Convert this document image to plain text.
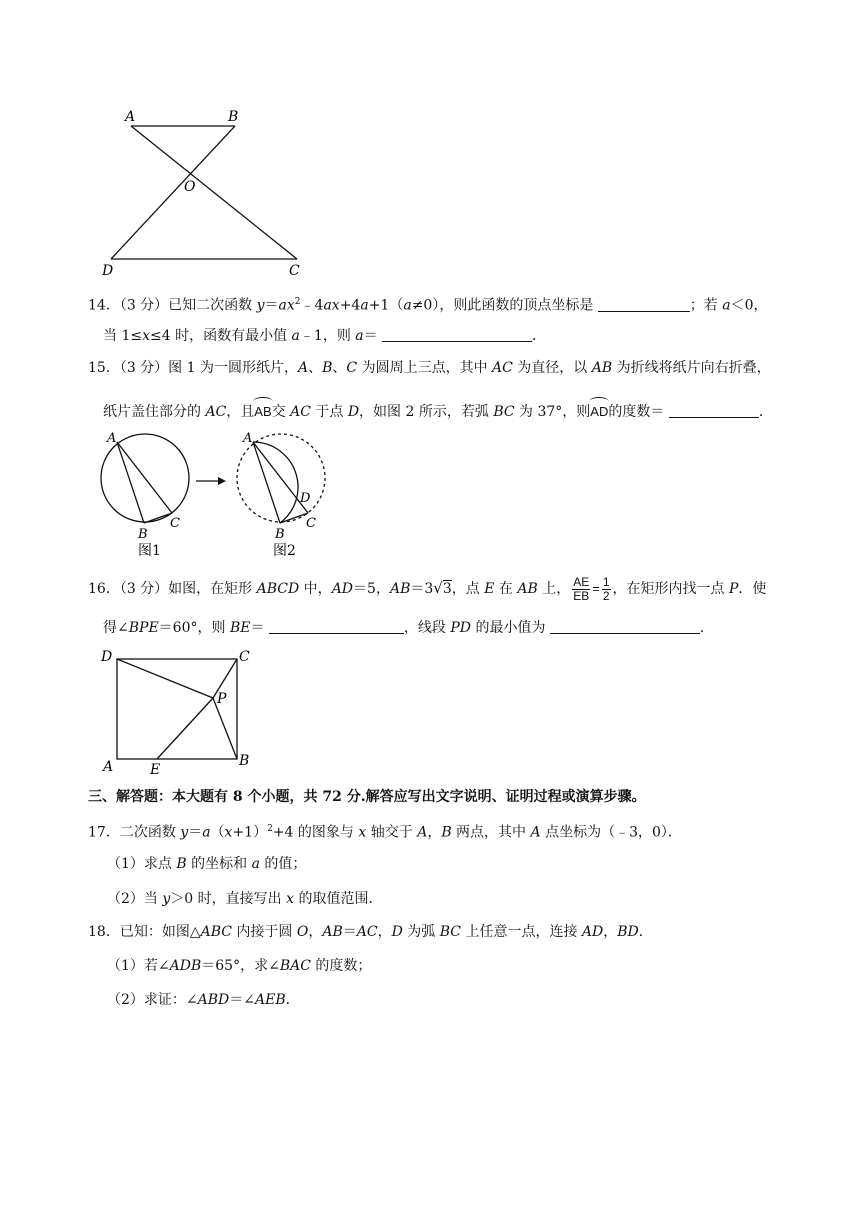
A	B
O
D	C
14．（3 分）已知二次函数 $y=ax^2﹣4ax+4a+1(a\ne 0)$，则此函数的顶点坐标是	；若 a＜0，
当 1≤x≤4 时，函数有最小值 a﹣1，则 a＝	．
15．（3 分）图 1 为一圆形纸片，A、B、C 为圆周上三点，其中 AC 为直径，以 AB 为折线将纸片向右折叠，
纸片盖住部分的 AC，且AB交 AC 于点 D，如图 2 所示，若弧 BC 为 37°，则AD的度数＝	．
A
B
C
A
D
B
C
图1	图2
16．（3 分）如图，在矩形 ABCD 中，AD＝5，AB＝3√3，点 E 在 AB 上， $\frac{AE}{EB} = \frac{1}{2}$ ，在矩形内找一点 P．使
得∠BPE＝60°，则 BE＝	，线段 PD 的最小值为	．
D	C
P
A	E
B
三、解答题：本大题有 8 个小题，共 72 分.解答应写出文字说明、证明过程或演算步骤。
17．二次函数 $y=a(x+1)^2+4$ 的图象与 x 轴交于 A，B 两点，其中 A 点坐标为（﹣3，0）．
（1）求点 B 的坐标和 a 的值；
（2）当 y＞0 时，直接写出 x 的取值范围．
18．已知：如图△ABC 内接于圆 O，AB＝AC，D 为弧 BC 上任意一点，连接 AD，BD．
（1）若∠ADB＝65°，求∠BAC 的度数；
（2）求证：∠ABD＝∠AEB．
